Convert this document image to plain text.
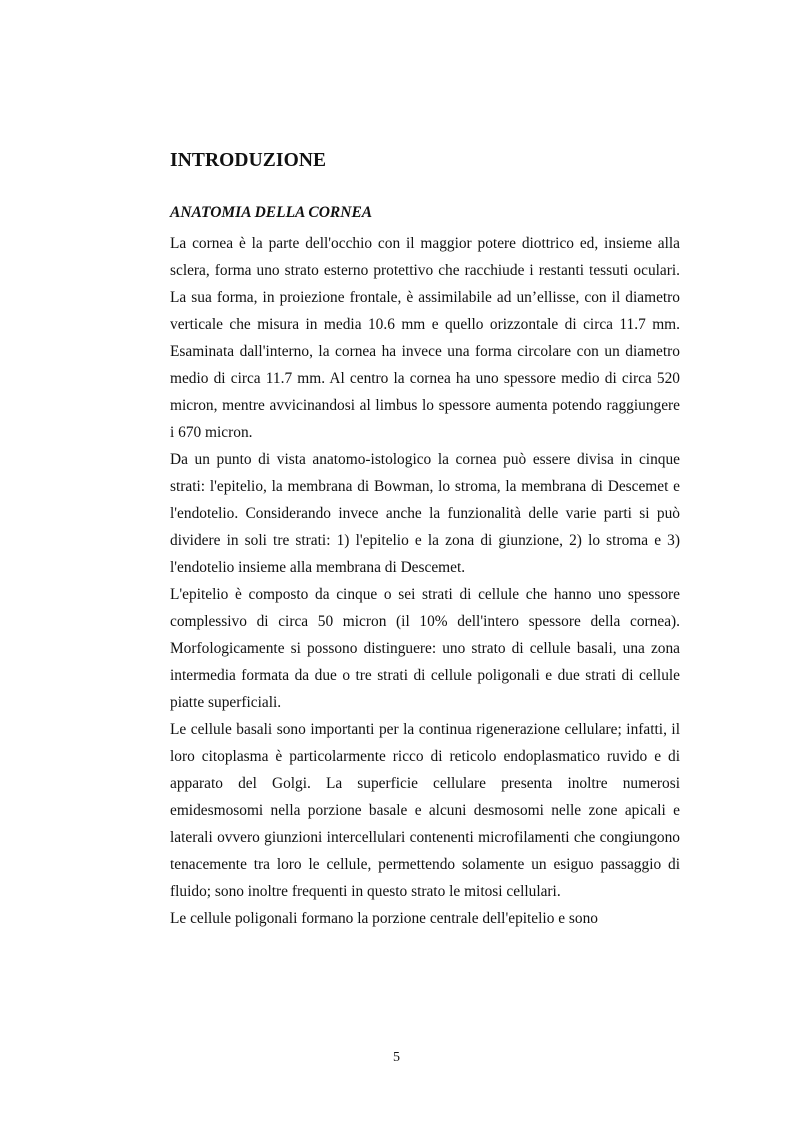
INTRODUZIONE
ANATOMIA DELLA CORNEA

La cornea è la parte dell'occhio con il maggior potere diottrico ed, insieme alla sclera, forma uno strato esterno protettivo che racchiude i restanti tessuti oculari. La sua forma, in proiezione frontale, è assimilabile ad un’ellisse, con il diametro verticale che misura in media 10.6 mm e quello orizzontale di circa 11.7 mm. Esaminata dall'interno, la cornea ha invece una forma circolare con un diametro medio di circa 11.7 mm. Al centro la cornea ha uno spessore medio di circa 520 micron, mentre avvicinandosi al limbus lo spessore aumenta potendo raggiungere i 670 micron.

Da un punto di vista anatomo-istologico la cornea può essere divisa in cinque strati: l'epitelio, la membrana di Bowman, lo stroma, la membrana di Descemet e l'endotelio. Considerando invece anche la funzionalità delle varie parti si può dividere in soli tre strati: 1) l'epitelio e la zona di giunzione, 2) lo stroma e 3) l'endotelio insieme alla membrana di Descemet.

L'epitelio è composto da cinque o sei strati di cellule che hanno uno spessore complessivo di circa 50 micron (il 10% dell'intero spessore della cornea). Morfologicamente si possono distinguere: uno strato di cellule basali, una zona intermedia formata da due o tre strati di cellule poligonali e due strati di cellule piatte superficiali.

Le cellule basali sono importanti per la continua rigenerazione cellulare; infatti, il loro citoplasma è particolarmente ricco di reticolo endoplasmatico ruvido e di apparato del Golgi. La superficie cellulare presenta inoltre numerosi emidesmosomi nella porzione basale e alcuni desmosomi nelle zone apicali e laterali ovvero giunzioni intercellulari contenenti microfilamenti che congiungono tenacemente tra loro le cellule, permettendo solamente un esiguo passaggio di fluido; sono inoltre frequenti in questo strato le mitosi cellulari.

Le cellule poligonali formano la porzione centrale dell'epitelio e sono

5
